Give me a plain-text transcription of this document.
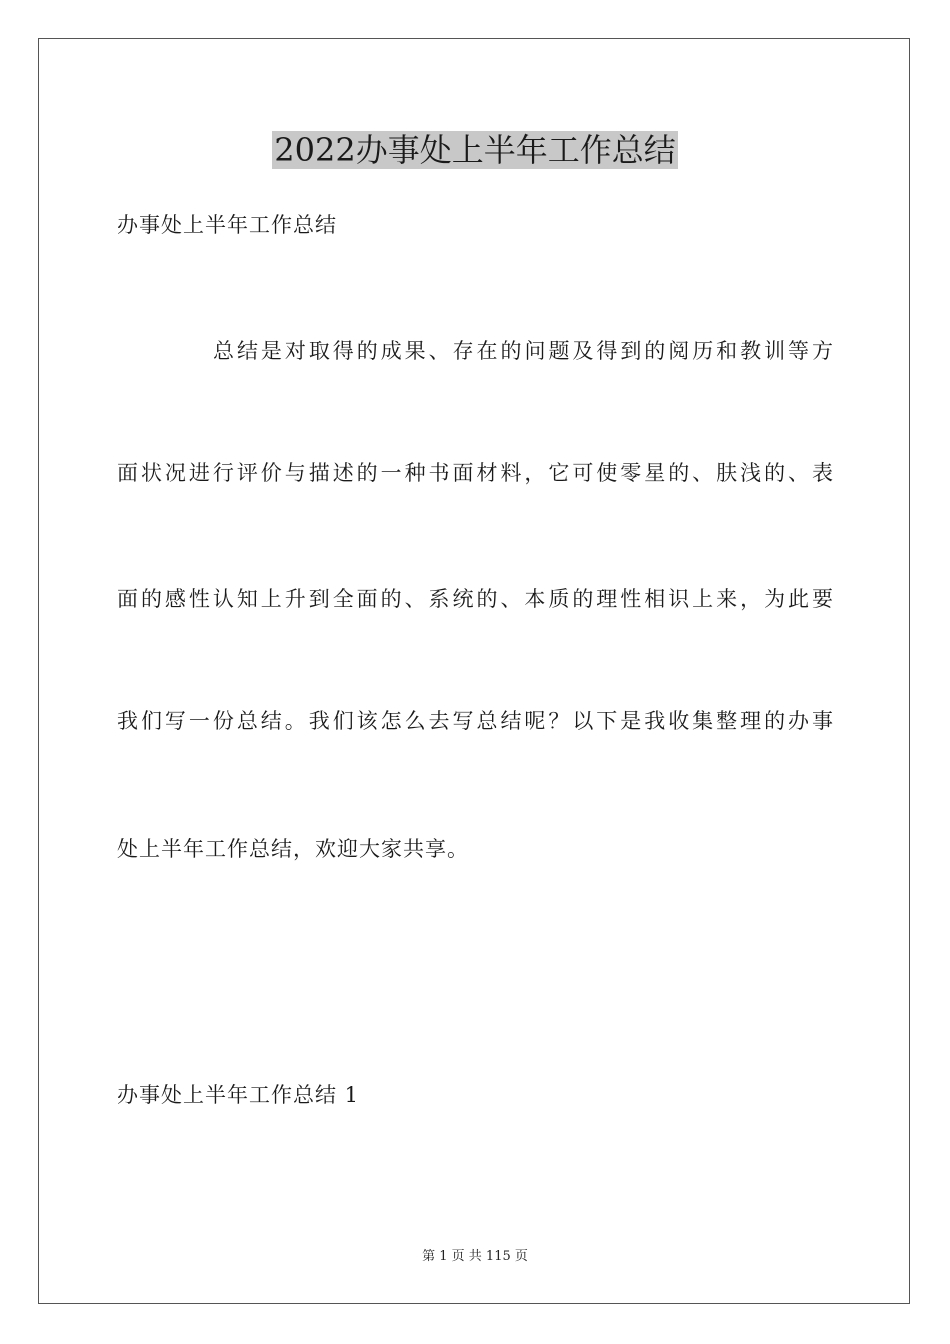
2022办事处上半年工作总结
办事处上半年工作总结
总结是对取得的成果、存在的问题及得到的阅历和教训等方
面状况进行评价与描述的一种书面材料，它可使零星的、肤浅的、表
面的感性认知上升到全面的、系统的、本质的理性相识上来，为此要
我们写一份总结。我们该怎么去写总结呢？以下是我收集整理的办事
处上半年工作总结，欢迎大家共享。
办事处上半年工作总结 1
第 1 页 共 115 页
